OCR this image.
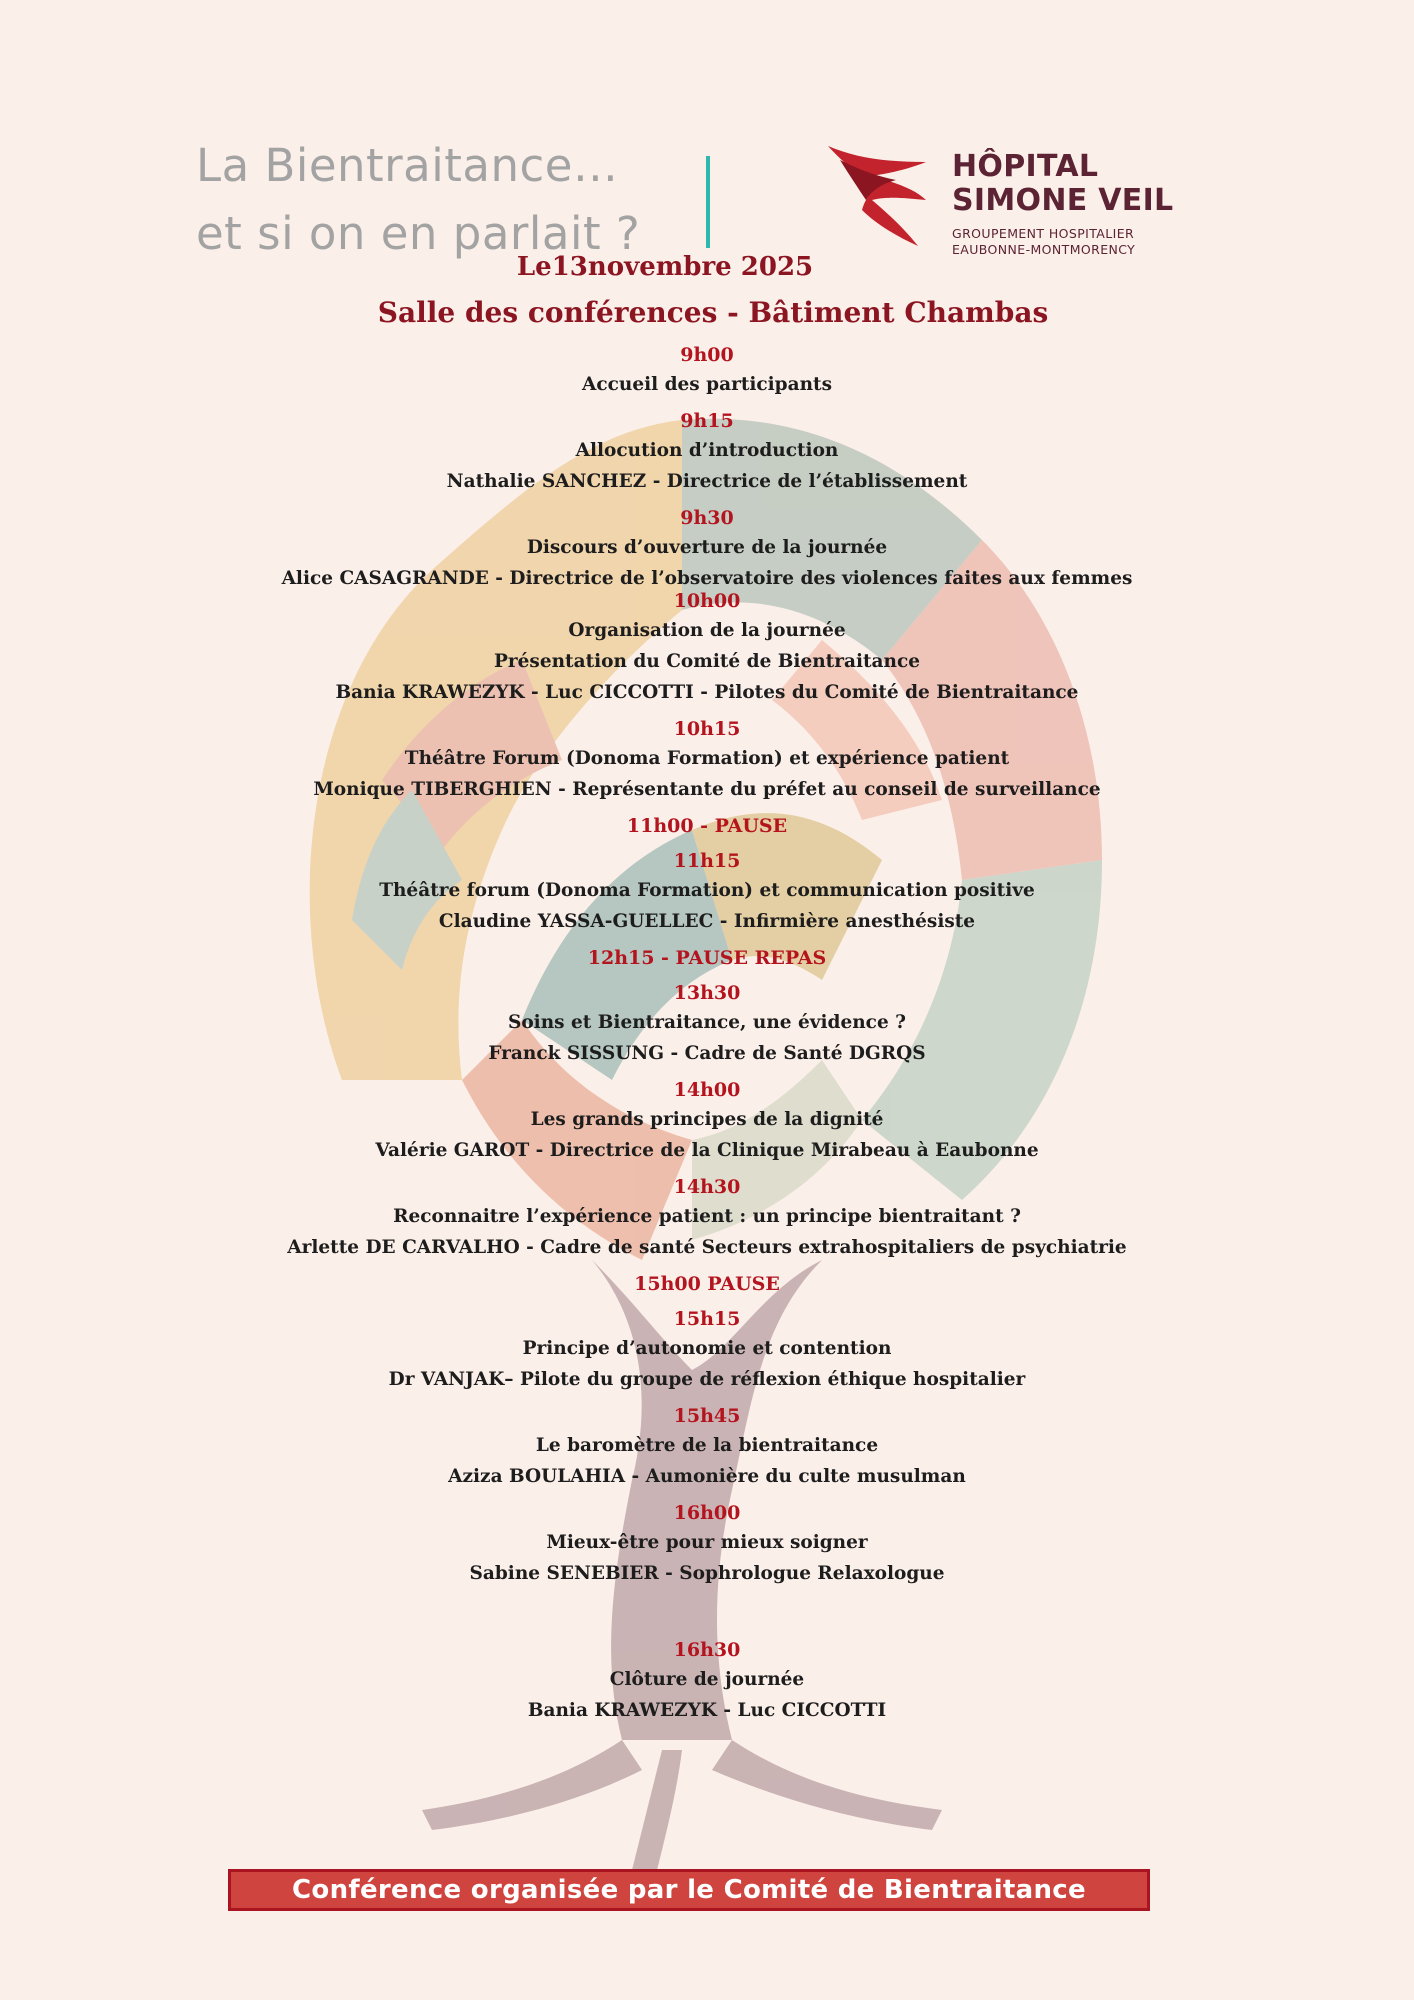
La Bientraitance…
et si on en parlait ?
HÔPITAL
SIMONE VEIL
GROUPEMENT HOSPITALIER
EAUBONNE-MONTMORENCY
Le13novembre 2025
Salle des conférences - Bâtiment Chambas
9h00
Accueil des participants
9h15
Allocution d’introduction
Nathalie SANCHEZ - Directrice de l’établissement
9h30
Discours d’ouverture de la journée
Alice CASAGRANDE - Directrice de l’observatoire des violences faites aux femmes
10h00
Organisation de la journée
Présentation du Comité de Bientraitance
Bania KRAWEZYK - Luc CICCOTTI - Pilotes du Comité de Bientraitance
10h15
Théâtre Forum (Donoma Formation) et expérience patient
Monique TIBERGHIEN - Représentante du préfet au conseil de surveillance
11h00 - PAUSE
11h15
Théâtre forum (Donoma Formation) et communication positive
Claudine YASSA-GUELLEC - Infirmière anesthésiste
12h15 - PAUSE REPAS
13h30
Soins et Bientraitance, une évidence ?
Franck SISSUNG - Cadre de Santé DGRQS
14h00
Les grands principes de la dignité
Valérie GAROT - Directrice de la Clinique Mirabeau à Eaubonne
14h30
Reconnaitre l’expérience patient : un principe bientraitant ?
Arlette DE CARVALHO - Cadre de santé Secteurs extrahospitaliers de psychiatrie
15h00 PAUSE
15h15
Principe d’autonomie et contention
Dr VANJAK– Pilote du groupe de réflexion éthique hospitalier
15h45
Le baromètre de la bientraitance
Aziza BOULAHIA - Aumonière du culte musulman
16h00
Mieux-être pour mieux soigner
Sabine SENEBIER - Sophrologue Relaxologue
16h30
Clôture de journée
Bania KRAWEZYK - Luc CICCOTTI
Conférence organisée par le Comité de Bientraitance
